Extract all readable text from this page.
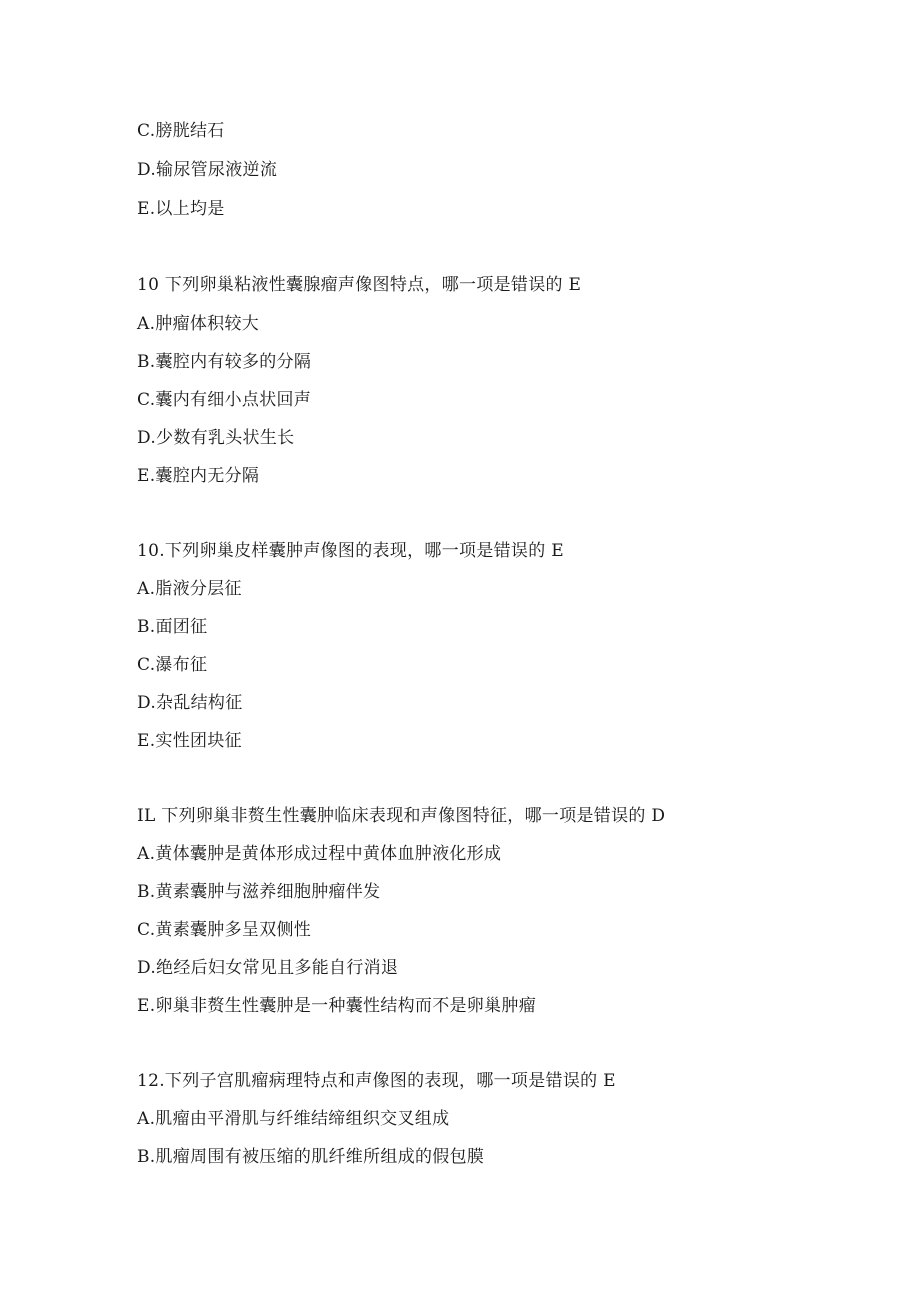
C.膀胱结石
D.输尿管尿液逆流
E.以上均是
10 下列卵巢粘液性囊腺瘤声像图特点，哪一项是错误的 E
A.肿瘤体积较大
B.囊腔内有较多的分隔
C.囊内有细小点状回声
D.少数有乳头状生长
E.囊腔内无分隔
10.下列卵巢皮样囊肿声像图的表现，哪一项是错误的 E
A.脂液分层征
B.面团征
C.瀑布征
D.杂乱结构征
E.实性团块征
IL 下列卵巢非赘生性囊肿临床表现和声像图特征，哪一项是错误的 D
A.黄体囊肿是黄体形成过程中黄体血肿液化形成
B.黄素囊肿与滋养细胞肿瘤伴发
C.黄素囊肿多呈双侧性
D.绝经后妇女常见且多能自行消退
E.卵巢非赘生性囊肿是一种囊性结构而不是卵巢肿瘤
12.下列子宫肌瘤病理特点和声像图的表现，哪一项是错误的 E
A.肌瘤由平滑肌与纤维结缔组织交叉组成
B.肌瘤周围有被压缩的肌纤维所组成的假包膜
